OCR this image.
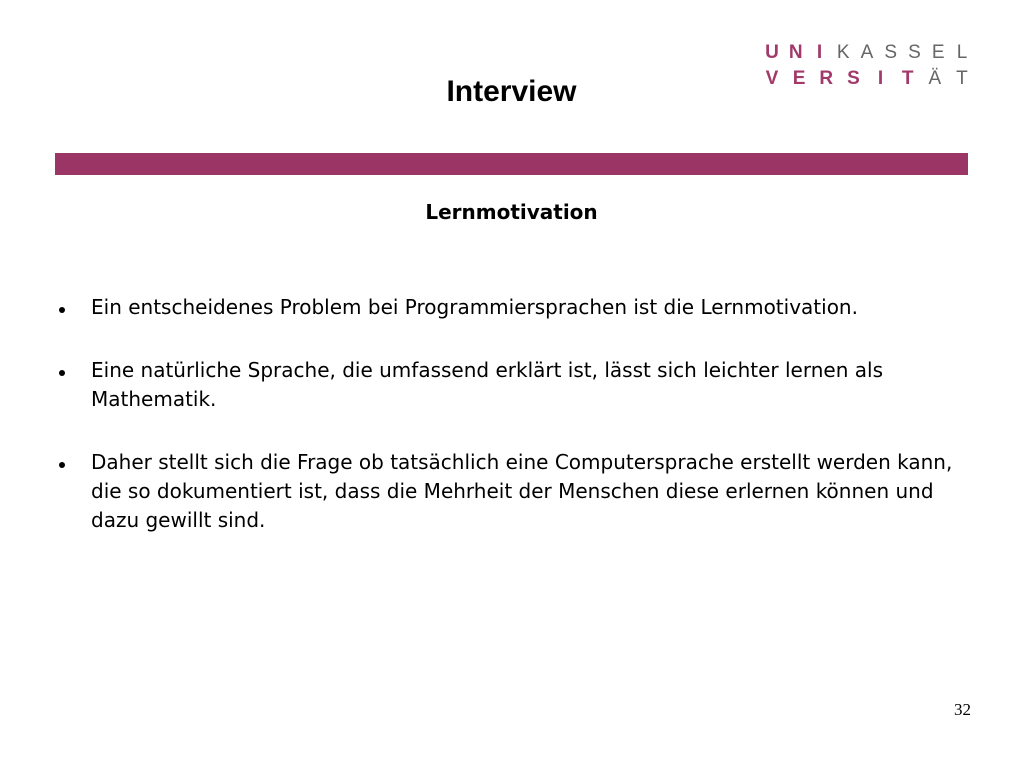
Interview
U N I K A S S E L
V E R S I T Ä T
Lernmotivation
Ein entscheidenes Problem bei Programmiersprachen ist die Lernmotivation.
Eine natürliche Sprache, die umfassend erklärt ist, lässt sich leichter lernen als Mathematik.
Daher stellt sich die Frage ob tatsächlich eine Computersprache erstellt werden kann, die so dokumentiert ist, dass die Mehrheit der Menschen diese erlernen können und dazu gewillt sind.
32
